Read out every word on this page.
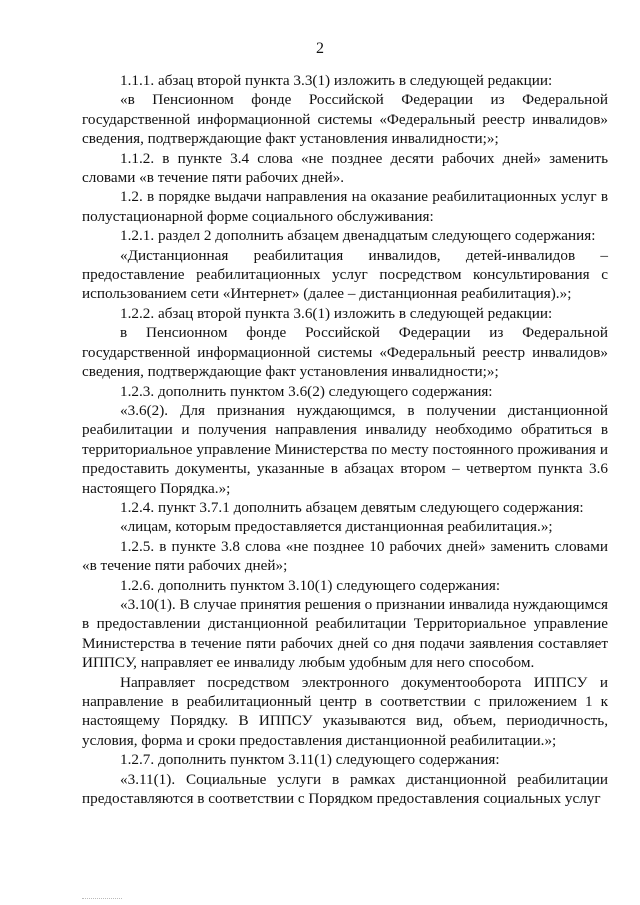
2

1.1.1. абзац второй пункта 3.3(1) изложить в следующей редакции:

«в Пенсионном фонде Российской Федерации из Федеральной государственной информационной системы «Федеральный реестр инвалидов» сведения, подтверждающие факт установления инвалидности;»;

1.1.2. в пункте 3.4 слова «не позднее десяти рабочих дней» заменить словами «в течение пяти рабочих дней».

1.2. в порядке выдачи направления на оказание реабилитационных услуг в полустационарной форме социального обслуживания:

1.2.1. раздел 2 дополнить абзацем двенадцатым следующего содержания:

«Дистанционная реабилитация инвалидов, детей-инвалидов – предоставление реабилитационных услуг посредством консультирования с использованием сети «Интернет» (далее – дистанционная реабилитация).»;

1.2.2. абзац второй пункта 3.6(1) изложить в следующей редакции:

в Пенсионном фонде Российской Федерации из Федеральной государственной информационной системы «Федеральный реестр инвалидов» сведения, подтверждающие факт установления инвалидности;»;

1.2.3. дополнить пунктом 3.6(2) следующего содержания:

«3.6(2). Для признания нуждающимся, в получении дистанционной реабилитации и получения направления инвалиду необходимо обратиться в территориальное управление Министерства по месту постоянного проживания и предоставить документы, указанные в абзацах втором – четвертом пункта 3.6 настоящего Порядка.»;

1.2.4. пункт 3.7.1 дополнить абзацем девятым следующего содержания:

«лицам, которым предоставляется дистанционная реабилитация.»;

1.2.5. в пункте 3.8 слова «не позднее 10 рабочих дней» заменить словами «в течение пяти рабочих дней»;

1.2.6. дополнить пунктом 3.10(1) следующего содержания:

«3.10(1). В случае принятия решения о признании инвалида нуждающимся в предоставлении дистанционной реабилитации Территориальное управление Министерства в течение пяти рабочих дней со дня подачи заявления составляет ИППСУ, направляет ее инвалиду любым удобным для него способом.

Направляет посредством электронного документооборота ИППСУ и направление в реабилитационный центр в соответствии с приложением 1 к настоящему Порядку. В ИППСУ указываются вид, объем, периодичность, условия, форма и сроки предоставления дистанционной реабилитации.»;

1.2.7. дополнить пунктом 3.11(1) следующего содержания:

«3.11(1). Социальные услуги в рамках дистанционной реабилитации предоставляются в соответствии с Порядком предоставления социальных услуг
